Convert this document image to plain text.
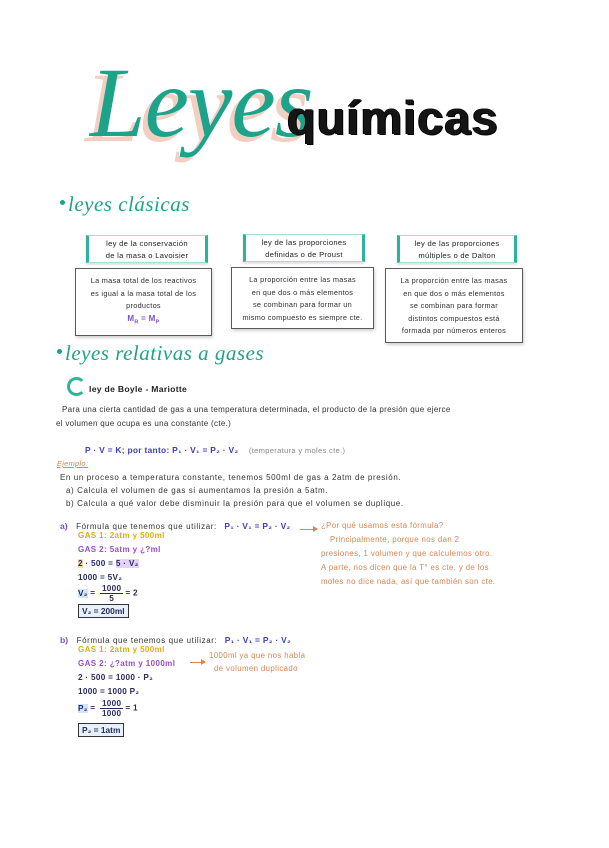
Leyes
químicas
leyes clásicas
ley de la conservación
de la masa o Lavoisier
La masa total de los reactivos
es igual a la masa total de los
productos
$M_R = M_P$
ley de las proporciones
definidas o de Proust
La proporción entre las masas
en que dos o más elementos
se combinan para formar un
mismo compuesto es siempre cte.
ley de las proporciones
múltiples o de Dalton
La proporción entre las masas
en que dos o más elementos
se combinan para formar
distintos compuestos está
formada por números enteros
leyes relativas a gases
ley de Boyle - Mariotte
Para una cierta cantidad de gas a una temperatura determinada, el producto de la presión que ejerce
el volumen que ocupa es una constante (cte.)
P · V = K; por tanto: P₁ · V₁ = P₂ · V₂ (temperatura y moles cte.)
Ejemplo:
En un proceso a temperatura constante, tenemos 500ml de gas a 2atm de presión.
a) Calcula el volumen de gas si aumentamos la presión a 5atm.
b) Calcula a qué valor debe disminuir la presión para que el volumen se duplique.
a) Fórmula que tenemos que utilizar: P₁ · V₁ = P₂ · V₂
GAS 1: 2atm y 500ml
GAS 2: 5atm y ¿?ml
2 · 500 = 5 · V₂
1000 = 5V₂
$V_2 = \frac{1000}{5} = 2$
V₂ = 200ml
¿Por qué usamos esta fórmula?
Principalmente, porque nos dan 2
presiones, 1 volumen y que calculemos otro.
A parte, nos dicen que la T° es cte. y de los
moles no dice nada, así que también son cte.
b) Fórmula que tenemos que utilizar: P₁ · V₁ = P₂ · V₂
GAS 1: 2atm y 500ml
GAS 2: ¿?atm y 1000ml
2 · 500 = 1000 · P₂
1000 = 1000 P₂
$P_2 = \frac{1000}{1000} = 1$
P₂ = 1atm
1000ml ya que nos habla
de volumen duplicado
